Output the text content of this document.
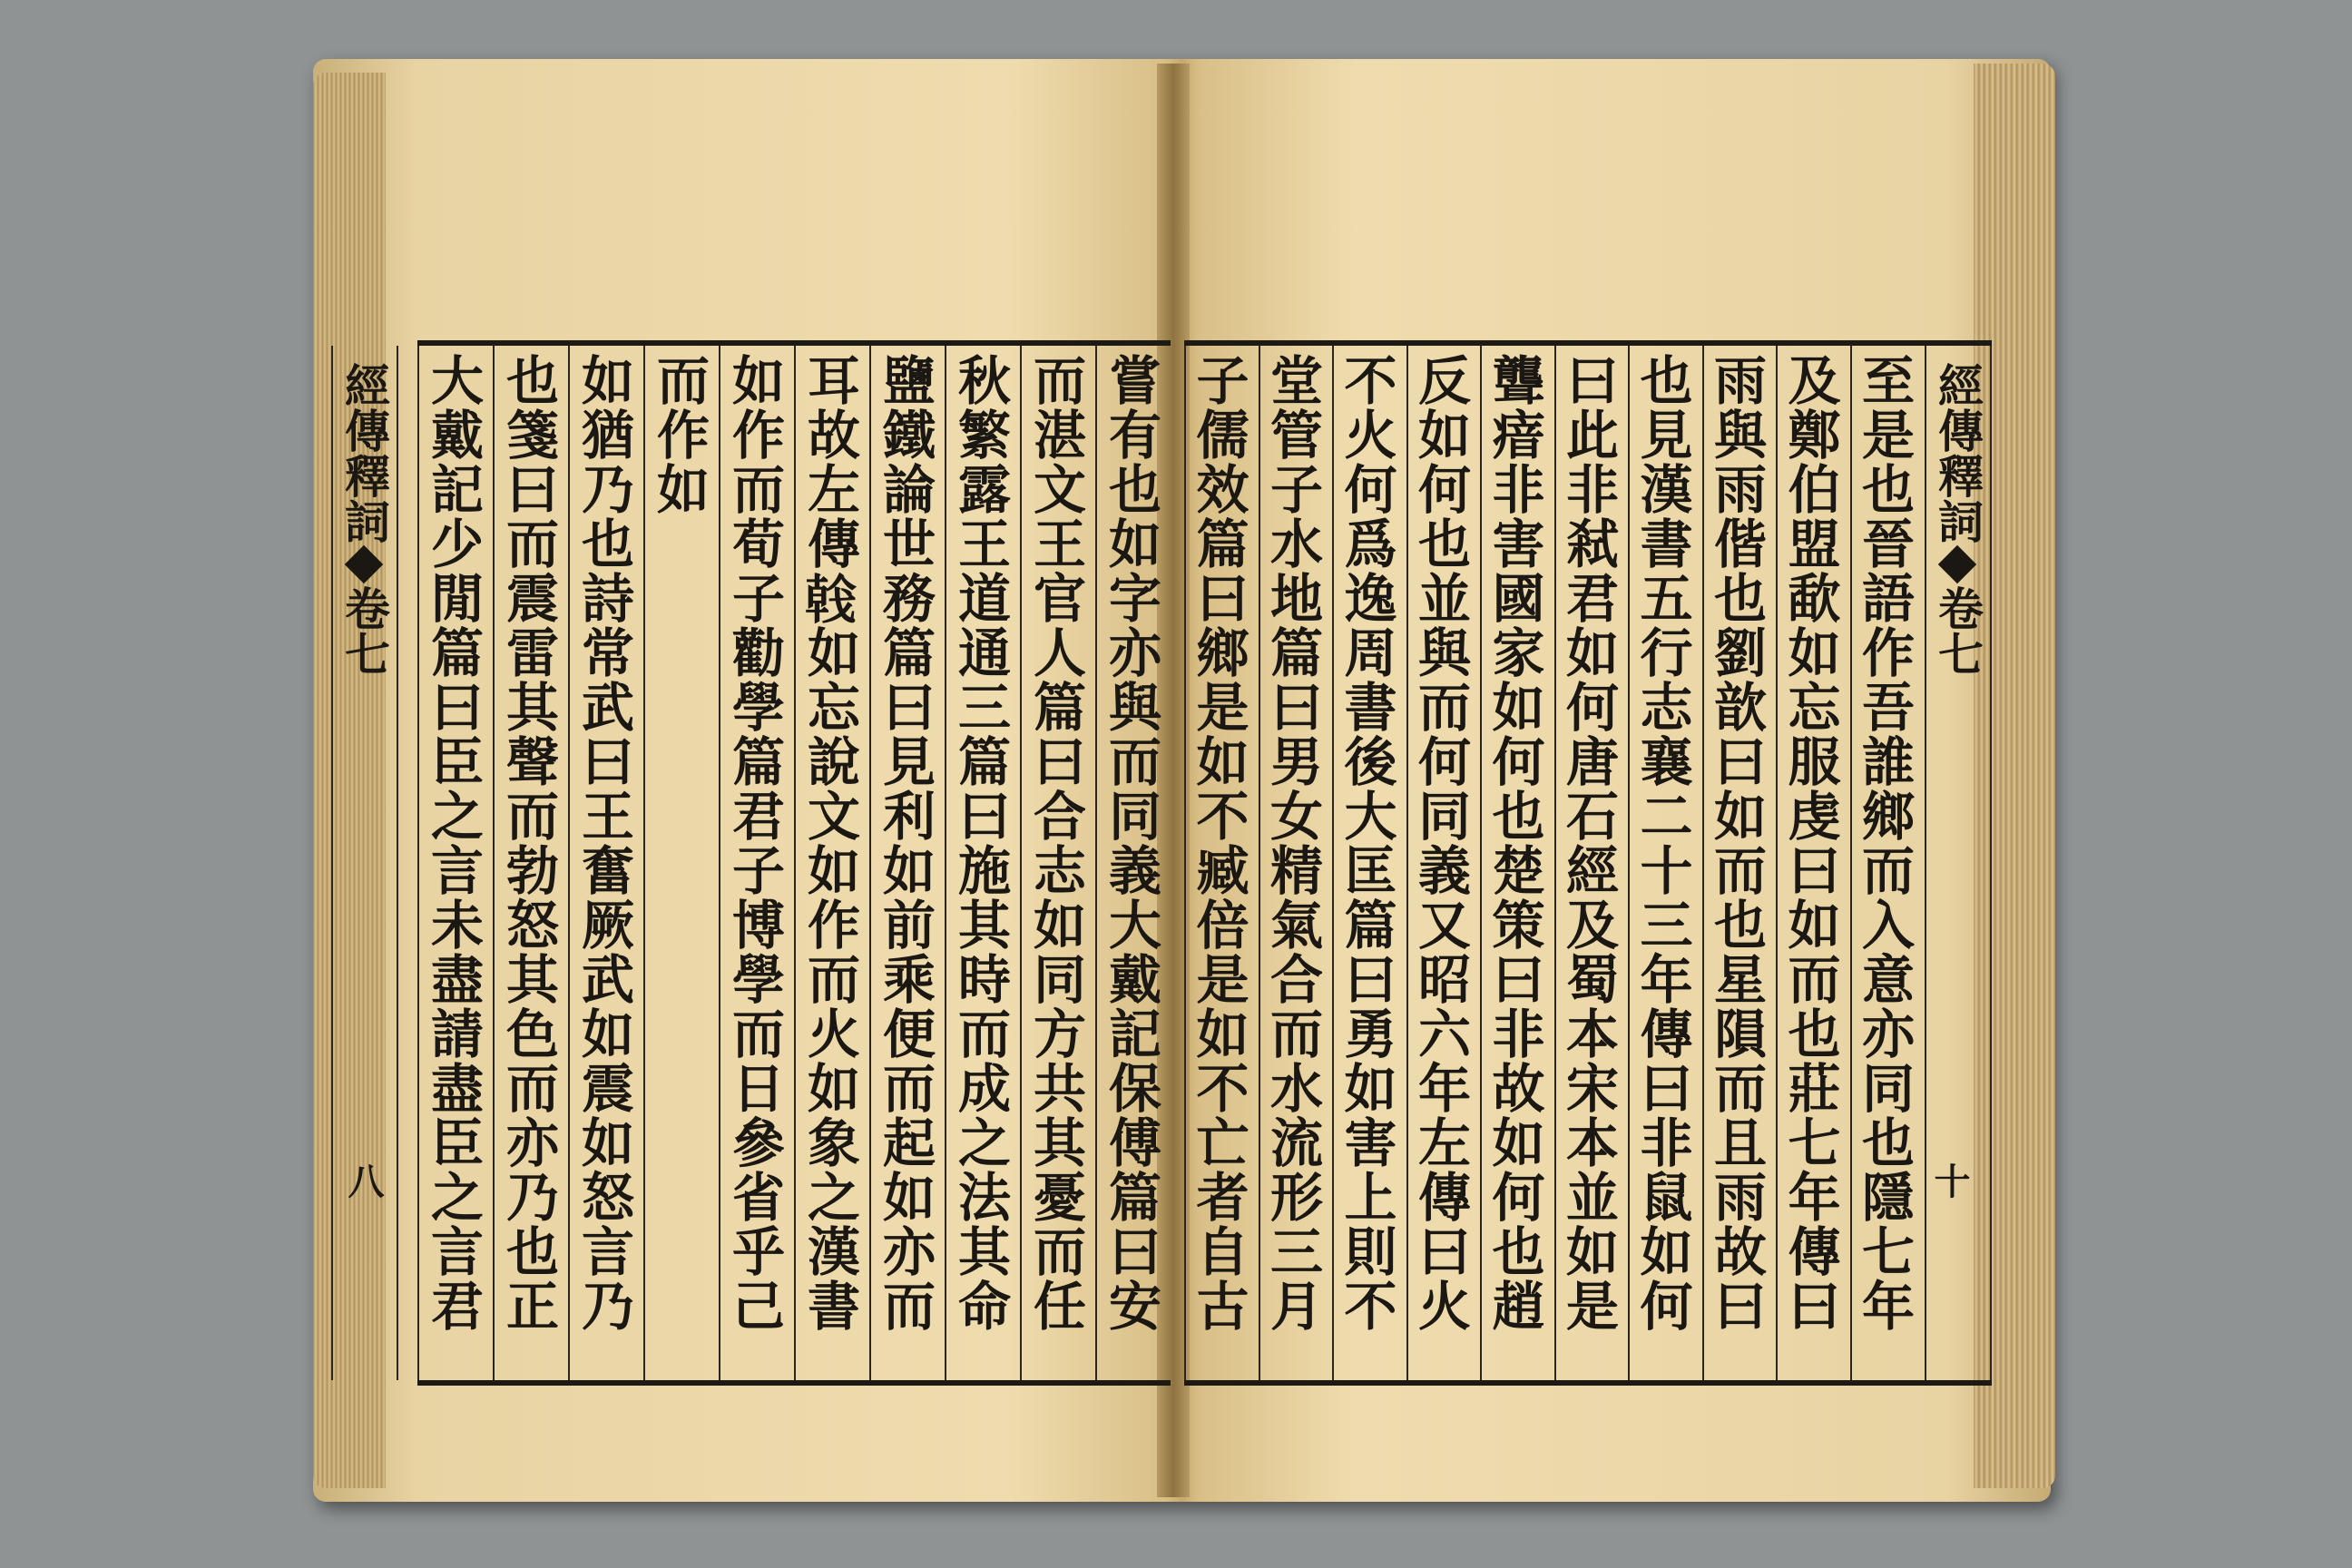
經傳釋詞卷七
八
嘗有也如字亦與而同義大戴記保傅篇曰安
而湛文王官人篇曰合志如同方共其憂而任
秋繁露王道通三篇曰施其時而成之法其命
鹽鐵論世務篇曰見利如前乘便而起如亦而
耳故左傳𢧢如忘說文如作而火如象之漢書
如作而荀子勸學篇君子博學而日參省乎己
而作如
如猶乃也詩常武曰王奮厥武如震如怒言乃
也箋曰而震雷其聲而勃怒其色而亦乃也正
大戴記少閒篇曰臣之言未盡請盡臣之言君
經傳釋詞卷七
十
至是也晉語作吾誰鄉而入意亦同也隱七年
及鄭伯盟歃如忘服虔曰如而也莊七年傳曰
雨與雨偕也劉歆曰如而也星隕而且雨故曰
也見漢書五行志襄二十三年傳曰非鼠如何
曰此非弒君如何唐石經及蜀本宋本並如是
聾瘖非害國家如何也楚策曰非故如何也趙
反如何也並與而何同義又昭六年左傳曰火
不火何爲逸周書後大匡篇曰勇如害上則不
堂管子水地篇曰男女精氣合而水流形三月
子儒效篇曰鄉是如不臧倍是如不亡者自古
